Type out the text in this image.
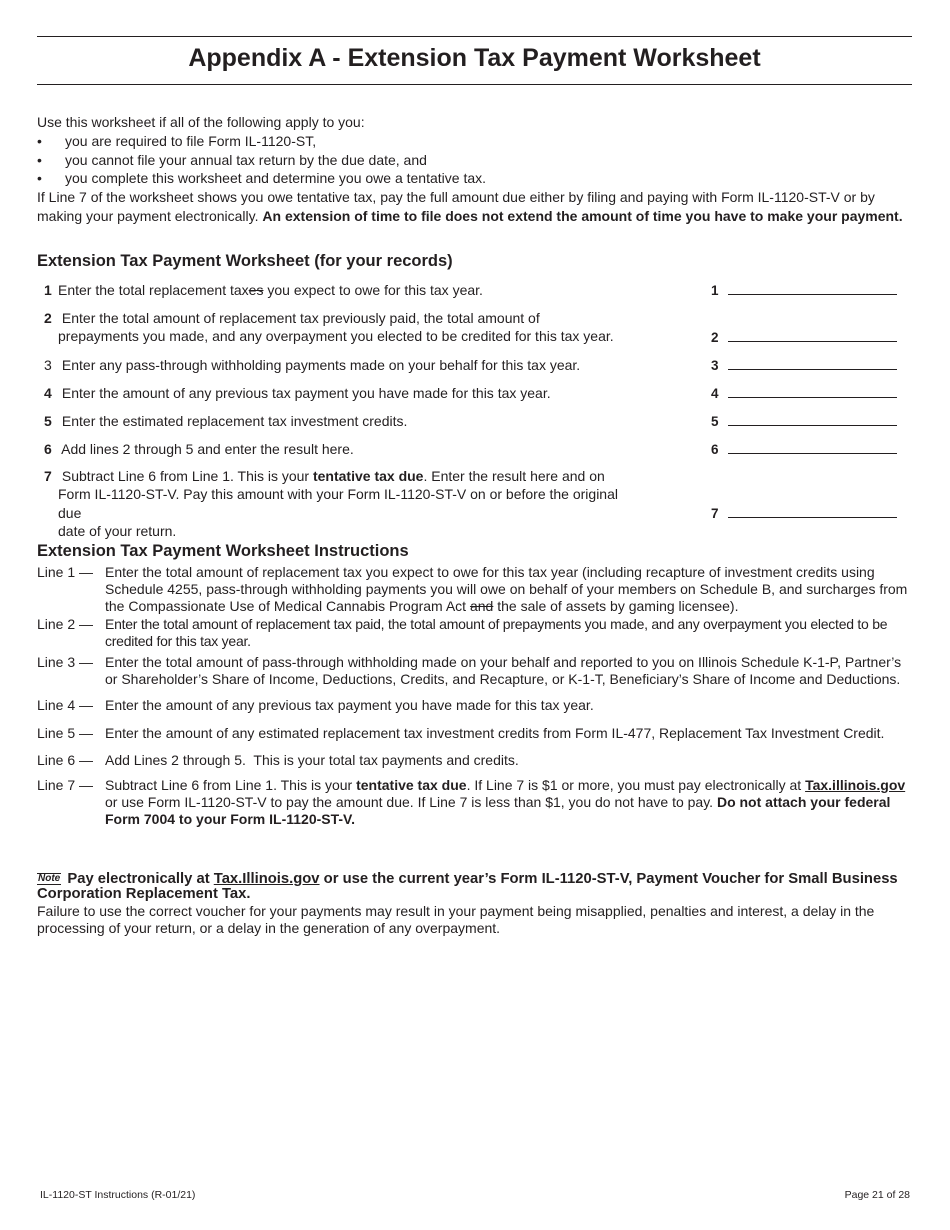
Appendix A - Extension Tax Payment Worksheet

Use this worksheet if all of the following apply to you:

•	you are required to file Form IL-1120-ST,
•	you cannot file your annual tax return by the due date, and
•	you complete this worksheet and determine you owe a tentative tax.

If Line 7 of the worksheet shows you owe tentative tax, pay the full amount due either by filing and paying with Form IL-1120-ST-V or by making your payment electronically. An extension of time to file does not extend the amount of time you have to make your payment.

Extension Tax Payment Worksheet (for your records)
1 Enter the total replacement taxes you expect to owe for this tax year.	1
2 Enter the total amount of replacement tax previously paid, the total amount of
prepayments you made, and any overpayment you elected to be credited for this tax year.	2
3 Enter any pass-through withholding payments made on your behalf for this tax year.	3
4 Enter the amount of any previous tax payment you have made for this tax year.	4
5 Enter the estimated replacement tax investment credits.	5
6 Add lines 2 through 5 and enter the result here.	6
7 Subtract Line 6 from Line 1. This is your tentative tax due. Enter the result here and on
Form IL-1120-ST-V. Pay this amount with your Form IL-1120-ST-V on or before the original due
date of your return.
7
Extension Tax Payment Worksheet Instructions
Line 1 — Enter the total amount of replacement tax you expect to owe for this tax year (including recapture of investment credits using Schedule 4255, pass-through withholding payments you will owe on behalf of your members on Schedule B, and surcharges from the Compassionate Use of Medical Cannabis Program Act and the sale of assets by gaming licensee).
Line 2 — Enter the total amount of replacement tax paid, the total amount of prepayments you made, and any overpayment you elected to be credited for this tax year.
Line 3 — Enter the total amount of pass-through withholding made on your behalf and reported to you on Illinois Schedule K-1-P, Partner’s or Shareholder’s Share of Income, Deductions, Credits, and Recapture, or K-1-T, Beneficiary’s Share of Income and Deductions.
Line 4 — Enter the amount of any previous tax payment you have made for this tax year.
Line 5 — Enter the amount of any estimated replacement tax investment credits from Form IL-477, Replacement Tax Investment Credit.
Line 6 — Add Lines 2 through 5.  This is your total tax payments and credits.
Line 7 — Subtract Line 6 from Line 1. This is your tentative tax due. If Line 7 is $1 or more, you must pay electronically at Tax.illinois.gov or use Form IL-1120-ST-V to pay the amount due. If Line 7 is less than $1, you do not have to pay. Do not attach your federal Form 7004 to your Form IL-1120-ST-V.
Note Pay electronically at Tax.Illinois.gov or use the current year’s Form IL-1120-ST-V, Payment Voucher for Small Business Corporation Replacement Tax.
Failure to use the correct voucher for your payments may result in your payment being misapplied, penalties and interest, a delay in the processing of your return, or a delay in the generation of any overpayment.
IL-1120-ST Instructions (R-01/21)	Page 21 of 28
